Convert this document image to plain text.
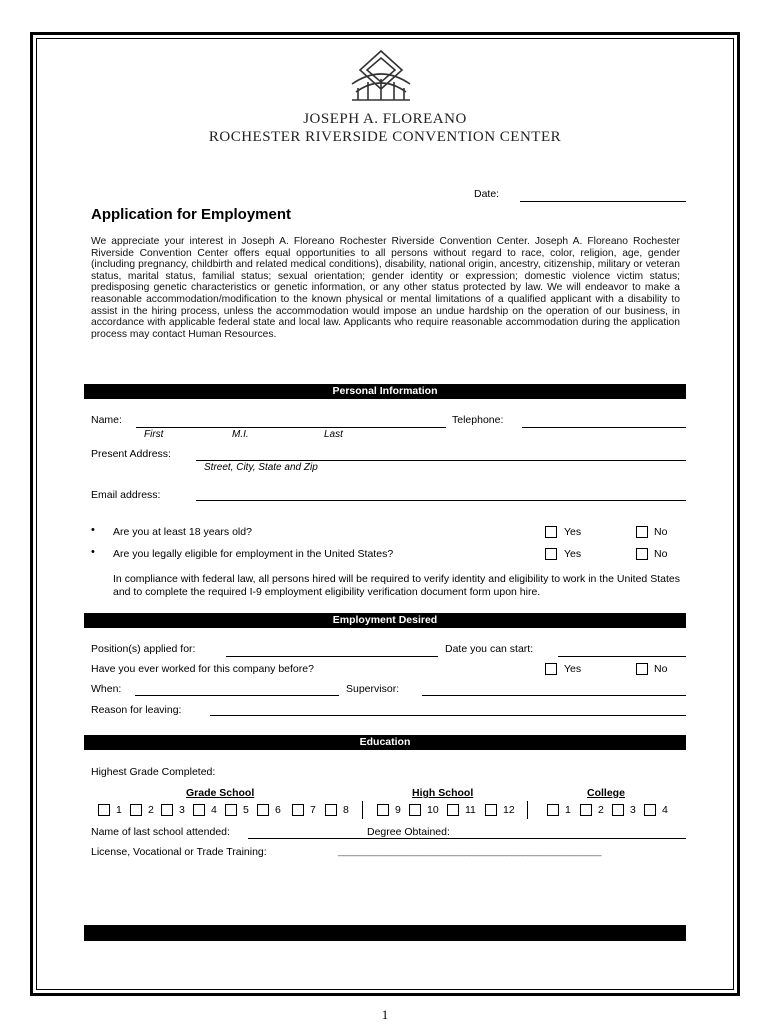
JOSEPH A. FLOREANO
ROCHESTER RIVERSIDE CONVENTION CENTER
Date:
Application for Employment
We appreciate your interest in Joseph A. Floreano Rochester Riverside Convention Center. Joseph A. Floreano Rochester Riverside Convention Center offers equal opportunities to all persons without regard to race, color, religion, age, gender (including pregnancy, childbirth and related medical conditions), disability, national origin, ancestry, citizenship, military or veteran status, marital status, familial status; sexual orientation; gender identity or expression; domestic violence victim status; predisposing genetic characteristics or genetic information, or any other status protected by law. We will endeavor to make a reasonable accommodation/modification to the known physical or mental limitations of a qualified applicant with a disability to assist in the hiring process, unless the accommodation would impose an undue hardship on the operation of our business, in accordance with applicable federal state and local law. Applicants who require reasonable accommodation during the application process may contact Human Resources.
Personal Information
Name:
First	M.I.	Last
Telephone:
Present Address:
Street, City, State and Zip
Email address:
• Are you at least 18 years old?	Yes	No
• Are you legally eligible for employment in the United States?	Yes	No
In compliance with federal law, all persons hired will be required to verify identity and eligibility to work in the United States and to complete the required I-9 employment eligibility verification document form upon hire.
Employment Desired
Position(s) applied for:	Date you can start:
Have you ever worked for this company before?	Yes	No
When:	Supervisor:
Reason for leaving:
Education
Highest Grade Completed:
Grade School	High School	College
1 2 3 4 5 6	7	8	9 10	11	12	1	2 3 4
Name of last school attended:	Degree Obtained:
License, Vocational or Trade Training:	__________________________________________________
1
